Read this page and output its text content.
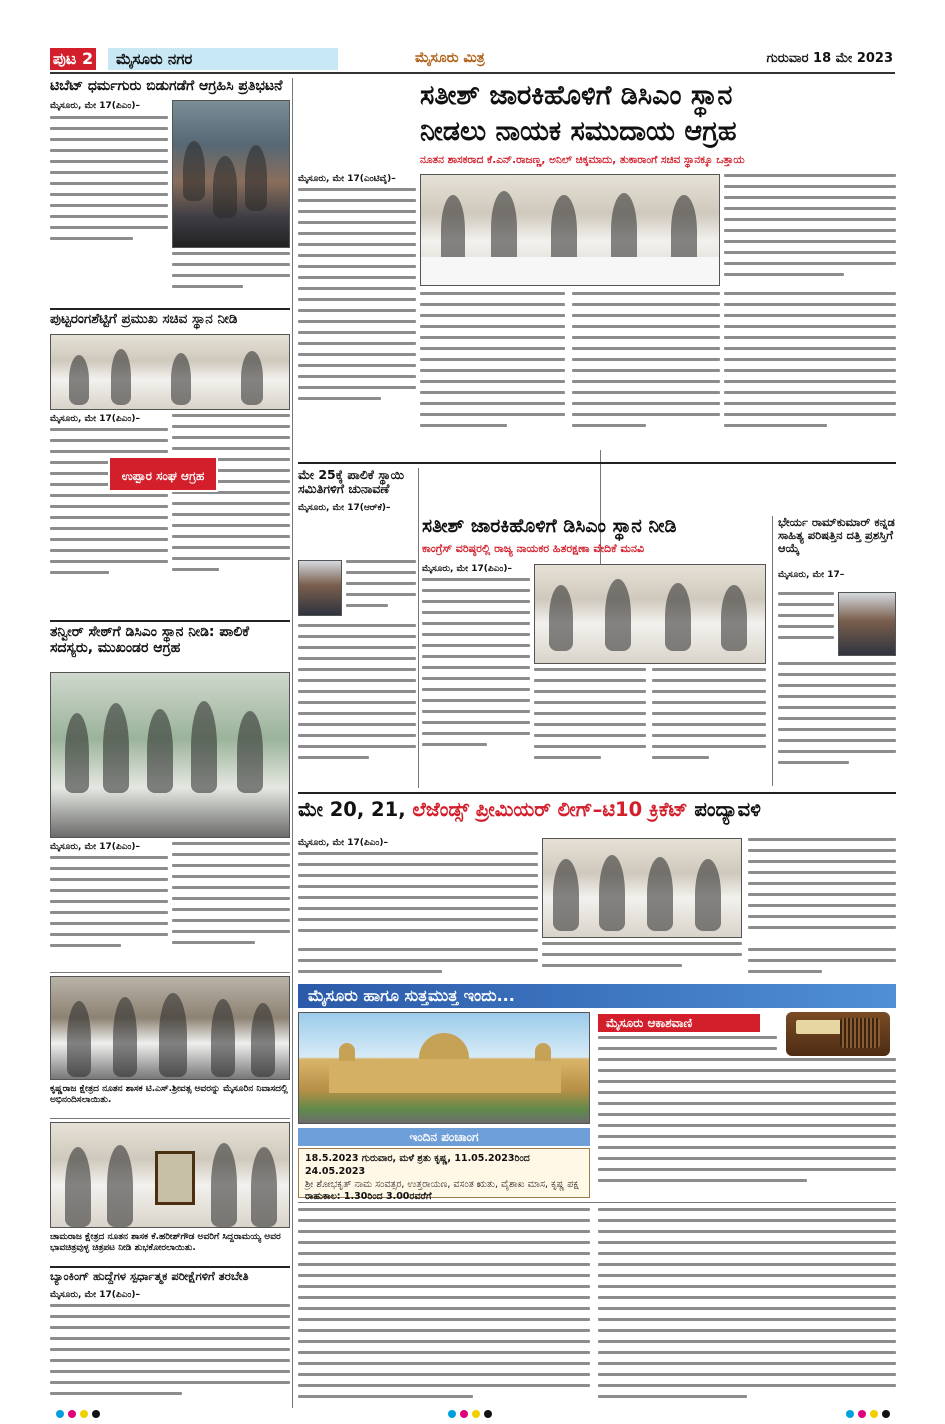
ಪುಟ 2	ಮೈಸೂರು ನಗರ	ಮೈಸೂರು ಮಿತ್ರ	ಗುರುವಾರ 18 ಮೇ 2023
ಟಿಬೆಟ್ ಧರ್ಮಗುರು ಬಿಡುಗಡೆಗೆ ಆಗ್ರಹಿಸಿ ಪ್ರತಿಭಟನೆ
ಮೈಸೂರು, ಮೇ 17(ಪಿಎಂ)–
ಪುಟ್ಟರಂಗಶೆಟ್ಟಿಗೆ ಪ್ರಮುಖ ಸಚಿವ ಸ್ಥಾನ ನೀಡಿ
ಮೈಸೂರು, ಮೇ 17(ಪಿಎಂ)–
ಉಪ್ಪಾರ ಸಂಘ ಆಗ್ರಹ
ತನ್ವೀರ್ ಸೇಠ್‌ಗೆ ಡಿಸಿಎಂ ಸ್ಥಾನ ನೀಡಿ: ಪಾಲಿಕೆ ಸದಸ್ಯರು, ಮುಖಂಡರ ಆಗ್ರಹ
ಮೈಸೂರು, ಮೇ 17(ಪಿಎಂ)–
ಕೃಷ್ಣರಾಜ ಕ್ಷೇತ್ರದ ನೂತನ ಶಾಸಕ ಟಿ.ಎಸ್.ಶ್ರೀವತ್ಸ ಅವರನ್ನು ಮೈಸೂರಿನ ನಿವಾಸದಲ್ಲಿ ಅಭಿನಂದಿಸಲಾಯಿತು.
ಚಾಮರಾಜ ಕ್ಷೇತ್ರದ ನೂತನ ಶಾಸಕ ಕೆ.ಹರೀಶ್‌ಗೌಡ ಅವರಿಗೆ ಸಿದ್ದರಾಮಯ್ಯ ಅವರ ಭಾವಚಿತ್ರವುಳ್ಳ ಚಿತ್ರಪಟ ನೀಡಿ ಶುಭಕೋರಲಾಯಿತು.
ಬ್ಯಾಂಕಿಂಗ್ ಹುದ್ದೆಗಳ ಸ್ಪರ್ಧಾತ್ಮಕ ಪರೀಕ್ಷೆಗಳಿಗೆ ತರಬೇತಿ
ಮೈಸೂರು, ಮೇ 17(ಪಿಎಂ)–
ಸತೀಶ್ ಜಾರಕಿಹೊಳಿಗೆ ಡಿಸಿಎಂ ಸ್ಥಾನ
ನೀಡಲು ನಾಯಕ ಸಮುದಾಯ ಆಗ್ರಹ
ನೂತನ ಶಾಸಕರಾದ ಕೆ.ಎನ್.ರಾಜಣ್ಣ, ಅನಿಲ್ ಚಿಕ್ಕಮಾದು, ತುಕಾರಾಂಗೆ ಸಚಿವ ಸ್ಥಾನಕ್ಕೂ ಒತ್ತಾಯ
ಮೈಸೂರು, ಮೇ 17(ಎಂಟಿವೈ)–
ಸತೀಶ್ ಜಾರಕಿಹೊಳಿಗೆ ಡಿಸಿಎಂ ಸ್ಥಾನ ನೀಡಿ
ಕಾಂಗ್ರೆಸ್ ವರಿಷ್ಠರಲ್ಲಿ ರಾಜ್ಯ ನಾಯಕರ ಹಿತರಕ್ಷಣಾ ವೇದಿಕೆ ಮನವಿ
ಮೈಸೂರು, ಮೇ 17(ಪಿಎಂ)–
ಮೇ 25ಕ್ಕೆ ಪಾಲಿಕೆ ಸ್ಥಾಯಿ ಸಮಿತಿಗಳಿಗೆ ಚುನಾವಣೆ
ಮೈಸೂರು, ಮೇ 17(ಆರ್‌ಕೆ)–
ಭೇರ್ಯ ರಾಮ್‌ಕುಮಾರ್ ಕನ್ನಡ ಸಾಹಿತ್ಯ ಪರಿಷತ್ತಿನ ದತ್ತಿ ಪ್ರಶಸ್ತಿಗೆ ಆಯ್ಕೆ
ಮೈಸೂರು, ಮೇ 17–
ಮೇ 20, 21, ಲೆಜೆಂಡ್ಸ್ ಪ್ರೀಮಿಯರ್ ಲೀಗ್–ಟಿ10 ಕ್ರಿಕೆಟ್ ಪಂದ್ಯಾವಳಿ
ಮೈಸೂರು, ಮೇ 17(ಪಿಎಂ)–
ಮೈಸೂರು ಹಾಗೂ ಸುತ್ತಮುತ್ತ ಇಂದು...
ಇಂದಿನ ಪಂಚಾಂಗ
18.5.2023 ಗುರುವಾರ, ಮಳೆ ಶ್ರತು ಕೃಷ್ಣ, 11.05.2023ರಿಂದ 24.05.2023
ಶ್ರೀ ಶೋಭಕೃತ್ ನಾಮ ಸಂವತ್ಸರ, ಉತ್ತರಾಯಣ, ವಸಂತ ಋತು, ವೈಶಾಖ ಮಾಸ, ಕೃಷ್ಣ ಪಕ್ಷ
ರಾಹುಕಾಲ: 1.30ರಿಂದ 3.00ರವರೆಗೆ
ಮೈಸೂರು ಆಕಾಶವಾಣಿ
